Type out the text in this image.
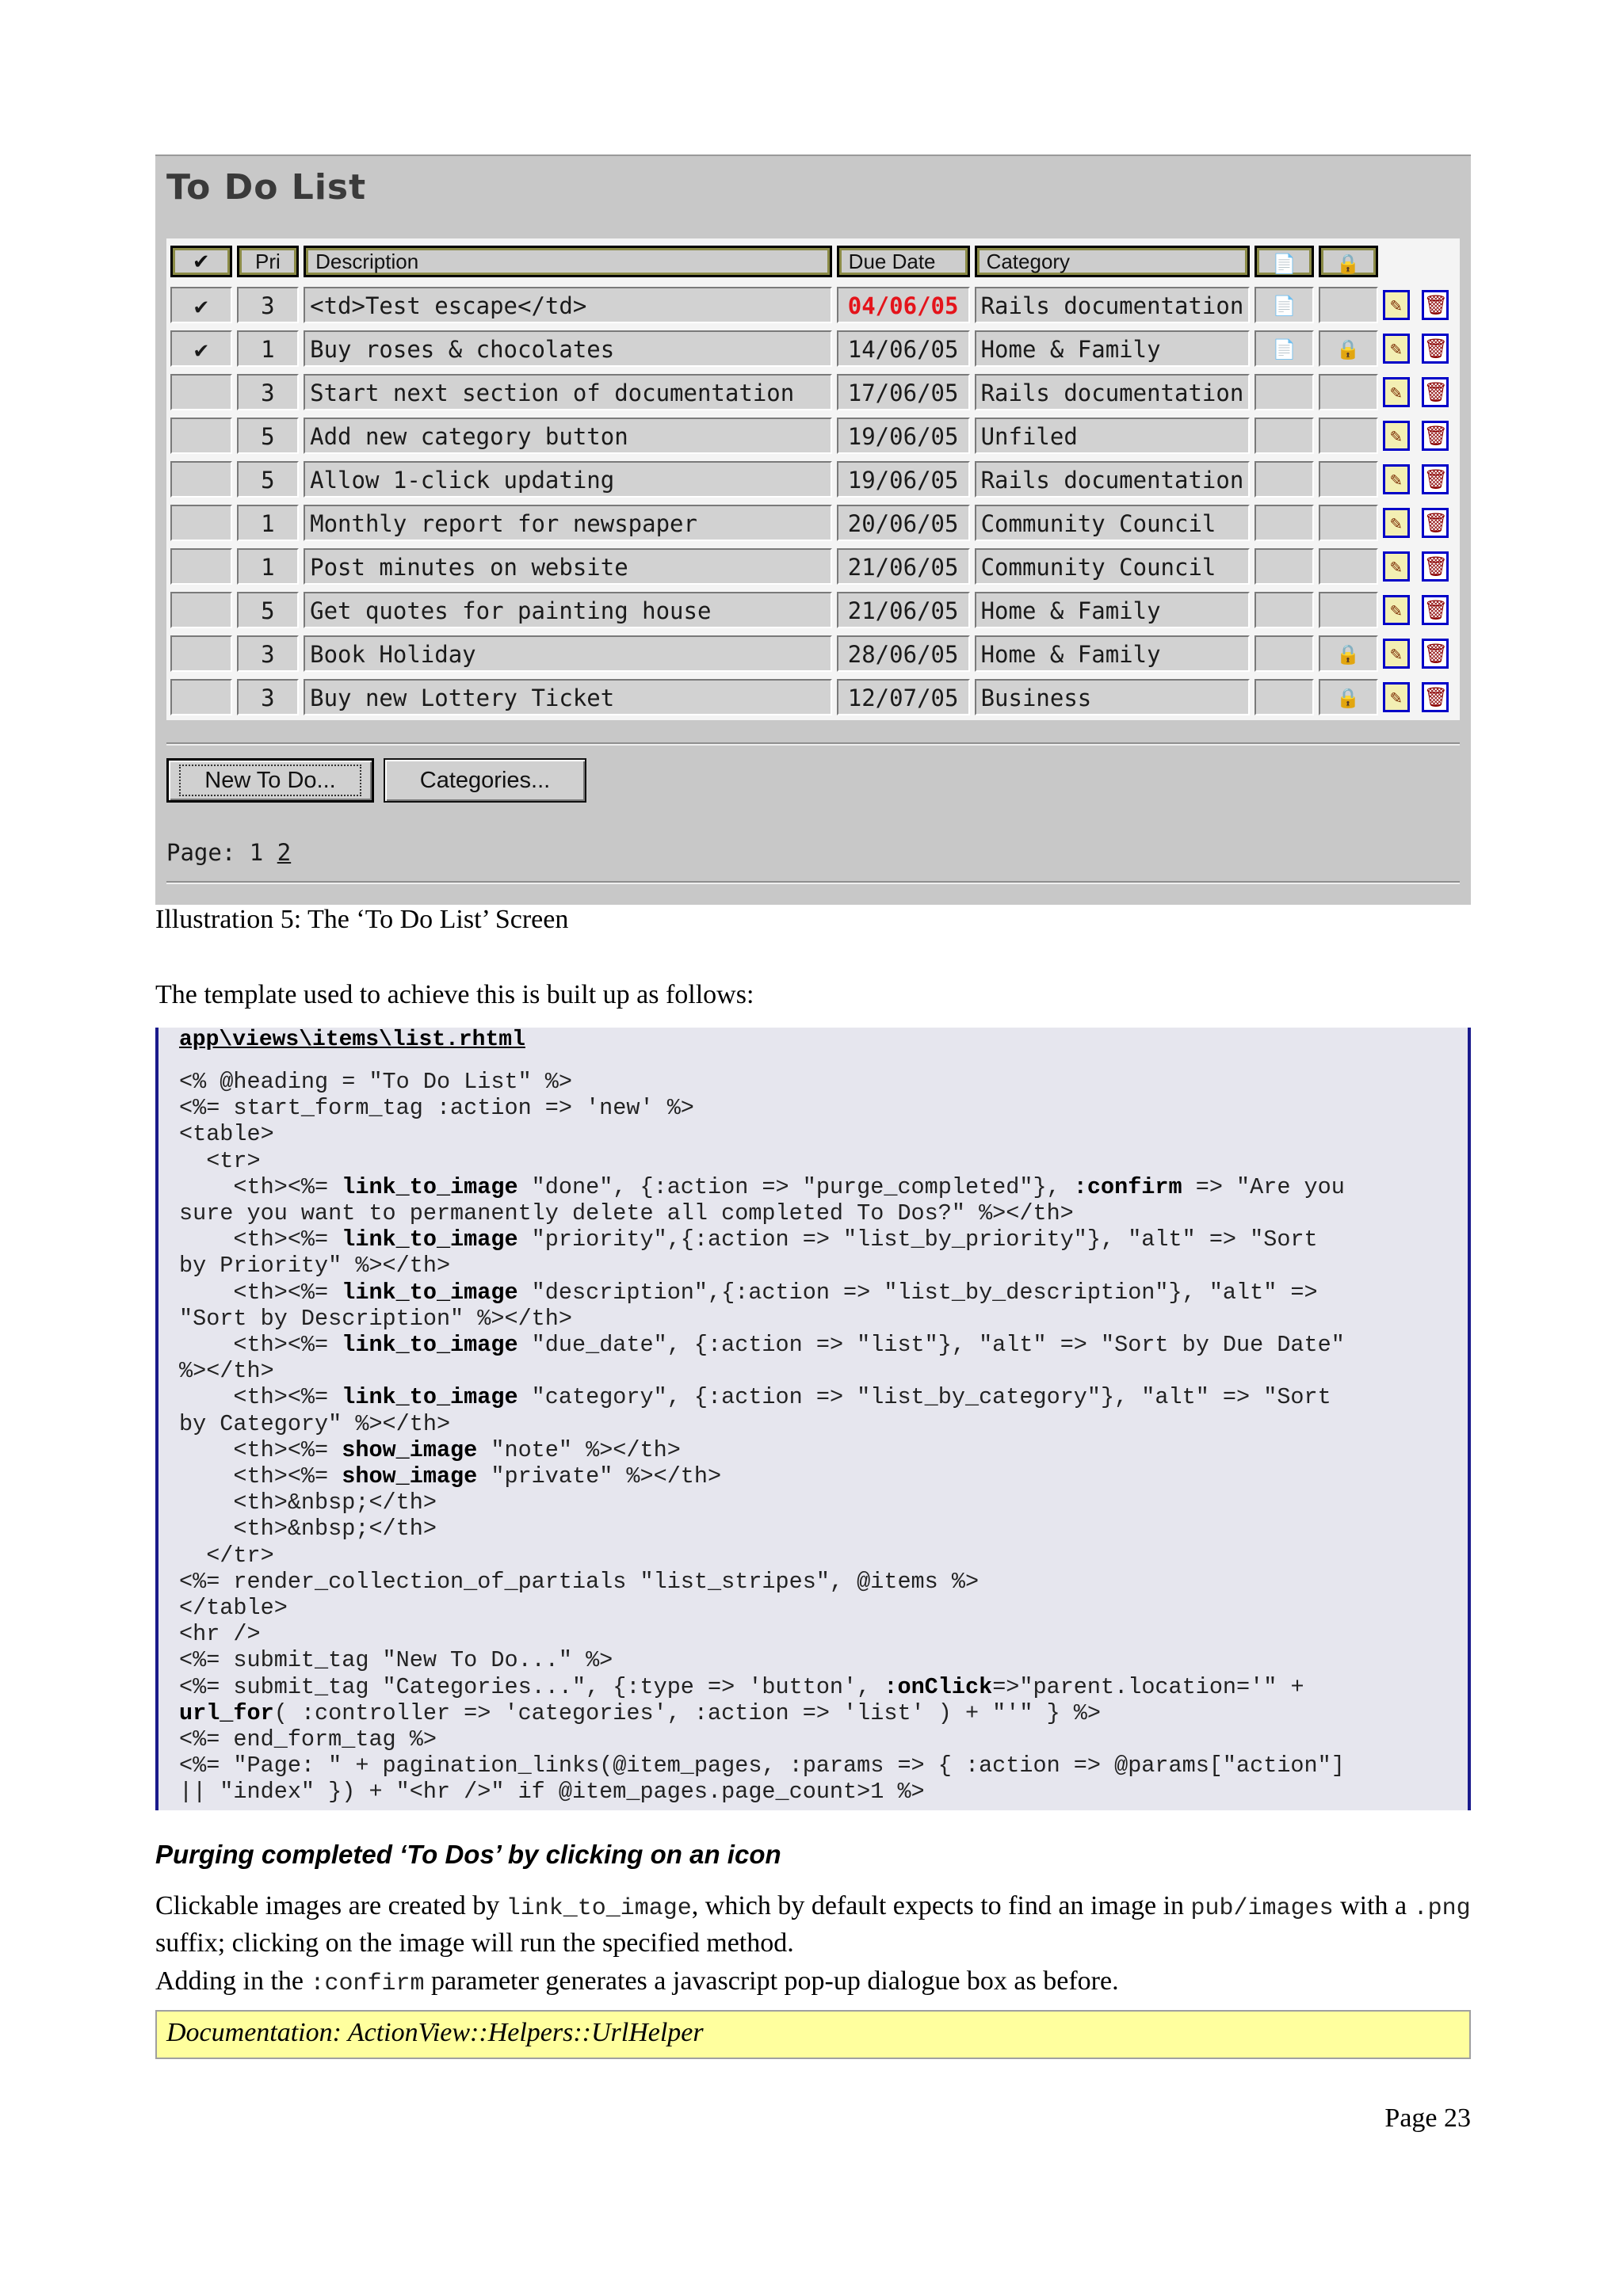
To Do List
✔	Pri	Description	Due Date	Category	📄	🔒		

✔	3	<td>Test escape</td>	04/06/05	Rails documentation	📄		✎	🗑

✔	1	Buy roses & chocolates	14/06/05	Home & Family	📄	🔒	✎	🗑

	3	Start next section of documentation	17/06/05	Rails documentation			✎	🗑

	5	Add new category button	19/06/05	Unfiled			✎	🗑

	5	Allow 1-click updating	19/06/05	Rails documentation			✎	🗑

	1	Monthly report for newspaper	20/06/05	Community Council			✎	🗑

	1	Post minutes on website	21/06/05	Community Council			✎	🗑

	5	Get quotes for painting house	21/06/05	Home & Family			✎	🗑

	3	Book Holiday	28/06/05	Home & Family		🔒	✎	🗑

	3	Buy new Lottery Ticket	12/07/05	Business		🔒	✎	🗑
New To Do...	Categories...
Page: 1 2
Illustration 5: The ‘To Do List’ Screen
The template used to achieve this is built up as follows:

app\views\items\list.rhtml

<% @heading = "To Do List" %>
<%= start_form_tag :action => 'new' %>
<table>
<tr>
<th><%= link_to_image "done", {:action => "purge_completed"}, :confirm => "Are you
sure you want to permanently delete all completed To Dos?" %></th>
<th><%= link_to_image "priority",{:action => "list_by_priority"}, "alt" => "Sort
by Priority" %></th>
<th><%= link_to_image "description",{:action => "list_by_description"}, "alt" =>
"Sort by Description" %></th>
<th><%= link_to_image "due_date", {:action => "list"}, "alt" => "Sort by Due Date"
%></th>
<th><%= link_to_image "category", {:action => "list_by_category"}, "alt" => "Sort
by Category" %></th>
<th><%= show_image "note" %></th>
<th><%= show_image "private" %></th>
<th>&nbsp;</th>
<th>&nbsp;</th>
</tr>
<%= render_collection_of_partials "list_stripes", @items %>
</table>
<hr />
<%= submit_tag "New To Do..." %>
<%= submit_tag "Categories...", {:type => 'button', :onClick=>"parent.location='" +
url_for( :controller => 'categories', :action => 'list' ) + "'" } %>
<%= end_form_tag %>
<%= "Page: " + pagination_links(@item_pages, :params => { :action => @params["action"]
|| "index" }) + "<hr />" if @item_pages.page_count>1 %>
Purging completed ‘To Dos’ by clicking on an icon

Clickable images are created by link_to_image, which by default expects to find an image in pub/images with a .png suffix; clicking on the image will run the specified method.

Adding in the :confirm parameter generates a javascript pop-up dialogue box as before.

Documentation: ActionView::Helpers::UrlHelper
Page 23
